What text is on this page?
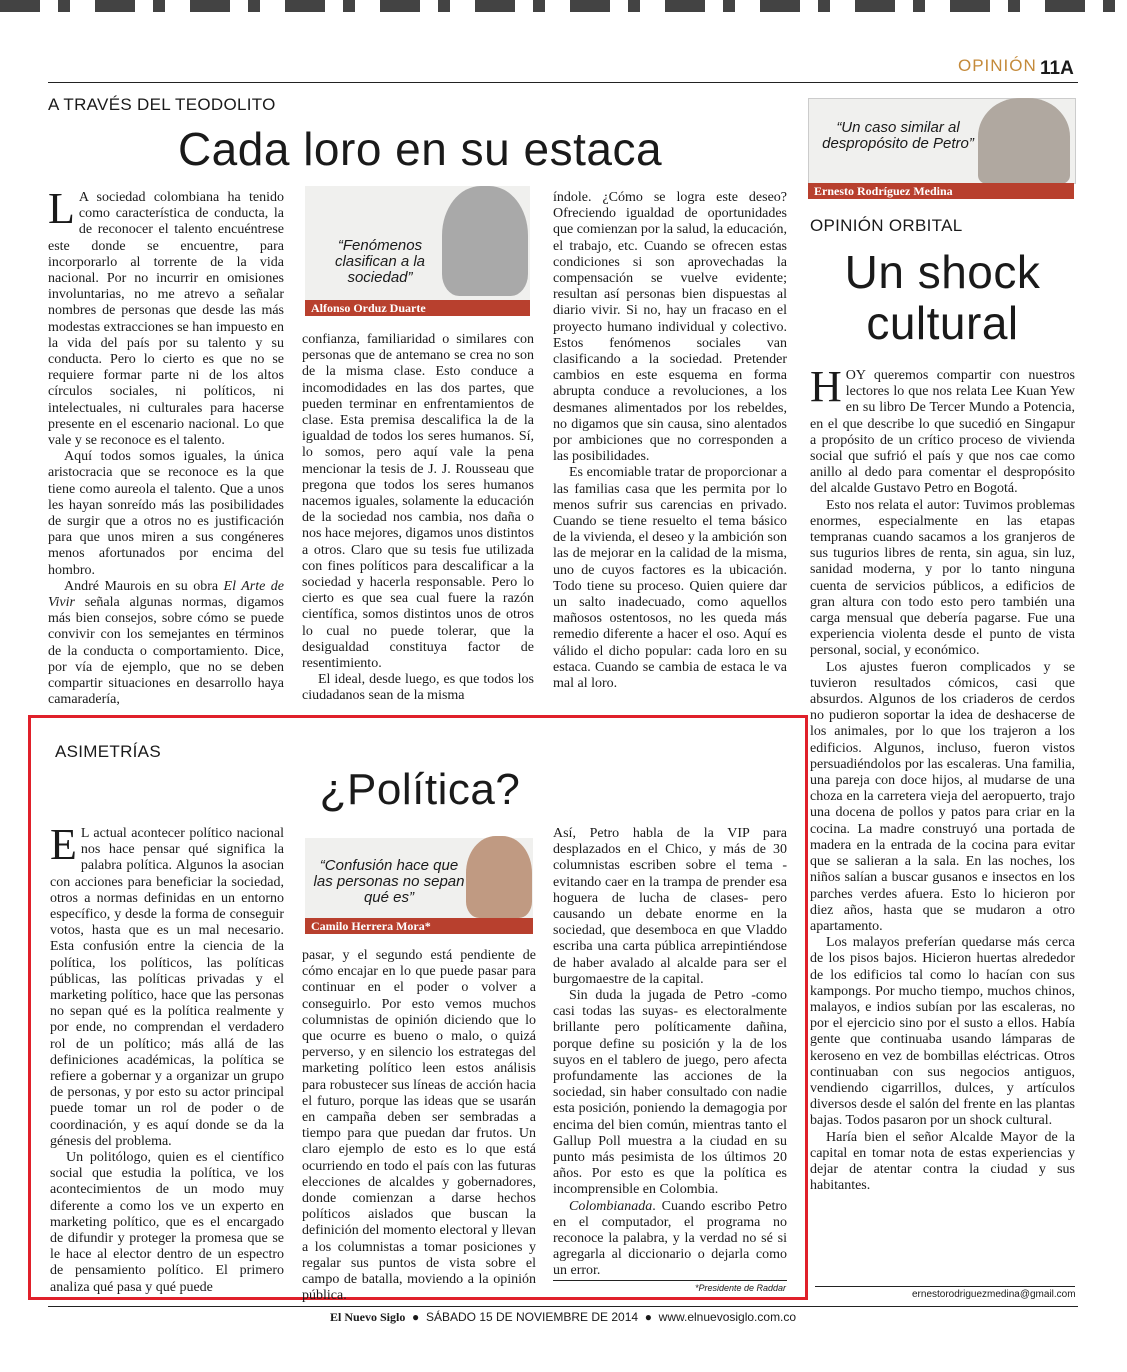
OPINIÓN 11A
A TRAVÉS DEL TEODOLITO
Cada loro en su estaca

L A sociedad colombiana ha tenido como característica de conducta, la de reconocer el talento encuéntrese este donde se encuentre, para incorporarlo al torrente de la vida nacional. Por no incurrir en omisiones involuntarias, no me atrevo a señalar nombres de personas que desde las más modestas extracciones se han impuesto en la vida del país por su talento y su conducta. Pero lo cierto es que no se requiere formar parte ni de los altos círculos sociales, ni políticos, ni intelectuales, ni culturales para hacerse presente en el escenario nacional. Lo que vale y se reconoce es el talento.

Aquí todos somos iguales, la única aristocracia que se reconoce es la que tiene como aureola el talento. Que a unos les hayan sonreído más las posibilidades de surgir que a otros no es justificación para que unos miren a sus congéneres menos afortunados por encima del hombro.

André Maurois en su obra El Arte de Vivir señala algunas normas, digamos más bien consejos, sobre cómo se puede convivir con los semejantes en términos de la conducta o comportamiento. Dice, por vía de ejemplo, que no se deben compartir situaciones en desarrollo haya camaradería,

“Fenómenos clasifican a la sociedad”
Alfonso Orduz Duarte

confianza, familiaridad o similares con personas que de antemano se crea no son de la misma clase. Esto conduce a incomodidades en las dos partes, que pueden terminar en enfrentamientos de clase. Esta premisa descalifica la de la igualdad de todos los seres humanos. Sí, lo somos, pero aquí vale la pena mencionar la tesis de J. J. Rousseau que pregona que todos los seres humanos nacemos iguales, solamente la educación de la sociedad nos cambia, nos daña o nos hace mejores, digamos unos distintos a otros. Claro que su tesis fue utilizada con fines políticos para descalificar a la sociedad y hacerla responsable. Pero lo cierto es que sea cual fuere la razón científica, somos distintos unos de otros lo cual no puede tolerar, que la desigualdad constituya factor de resentimiento.

El ideal, desde luego, es que todos los ciudadanos sean de la misma

índole. ¿Cómo se logra este deseo? Ofreciendo igualdad de oportunidades que comienzan por la salud, la educación, el trabajo, etc. Cuando se ofrecen estas condiciones si son aprovechadas la compensación se vuelve evidente; resultan así personas bien dispuestas al diario vivir. Si no, hay un fracaso en el proyecto humano individual y colectivo. Estos fenómenos sociales van clasificando a la sociedad. Pretender cambios en este esquema en forma abrupta conduce a revoluciones, a los desmanes alimentados por los rebeldes, no digamos que sin causa, sino alentados por ambiciones que no corresponden a las posibilidades.

Es encomiable tratar de proporcionar a las familias casa que les permita por lo menos sufrir sus carencias en privado. Cuando se tiene resuelto el tema básico de la vivienda, el deseo y la ambición son las de mejorar en la calidad de la misma, uno de cuyos factores es la ubicación. Todo tiene su proceso. Quien quiere dar un salto inadecuado, como aquellos mañosos ostentosos, no les queda más remedio diferente a hacer el oso. Aquí es válido el dicho popular: cada loro en su estaca. Cuando se cambia de estaca le va mal al loro.

“Un caso similar al despropósito de Petro”
Ernesto Rodríguez Medina
OPINIÓN ORBITAL
Un shock
cultural

HOY queremos compartir con nuestros lectores lo que nos relata Lee Kuan Yew en su libro De Tercer Mundo a Potencia, en el que describe lo que sucedió en Singapur a propósito de un crítico proceso de vivienda social que sufrió el país y que nos cae como anillo al dedo para comentar el despropósito del alcalde Gustavo Petro en Bogotá.

Esto nos relata el autor: Tuvimos problemas enormes, especialmente en las etapas tempranas cuando sacamos a los granjeros de sus tugurios libres de renta, sin agua, sin luz, sanidad moderna, y por lo tanto ninguna cuenta de servicios públicos, a edificios de gran altura con todo esto pero también una carga mensual que debería pagarse. Fue una experiencia violenta desde el punto de vista personal, social, y económico.

Los ajustes fueron complicados y se tuvieron resultados cómicos, casi que absurdos. Algunos de los criaderos de cerdos no pudieron soportar la idea de deshacerse de los animales, por lo que los trajeron a los edificios. Algunos, incluso, fueron vistos persuadiéndolos por las escaleras. Una familia, una pareja con doce hijos, al mudarse de una choza en la carretera vieja del aeropuerto, trajo una docena de pollos y patos para criar en la cocina. La madre construyó una portada de madera en la entrada de la cocina para evitar que se salieran a la sala. En las noches, los niños salían a buscar gusanos e insectos en los parches verdes afuera. Esto lo hicieron por diez años, hasta que se mudaron a otro apartamento.

Los malayos preferían quedarse más cerca de los pisos bajos. Hicieron huertas alrededor de los edificios tal como lo hacían con sus kampongs. Por mucho tiempo, muchos chinos, malayos, e indios subían por las escaleras, no por el ejercicio sino por el susto a ellos. Había gente que continuaba usando lámparas de keroseno en vez de bombillas eléctricas. Otros continuaban con sus negocios antiguos, vendiendo cigarrillos, dulces, y artículos diversos desde el salón del frente en las plantas bajas. Todos pasaron por un shock cultural.

Haría bien el señor Alcalde Mayor de la capital en tomar nota de estas experiencias y dejar de atentar contra la ciudad y sus habitantes.

ernestorodriguezmedina@gmail.com
ASIMETRÍAS
¿Política?

E L actual acontecer político nacional nos hace pensar qué significa la palabra política. Algunos la asocian con acciones para beneficiar la sociedad, otros a normas definidas en un entorno específico, y desde la forma de conseguir votos, hasta que es un mal necesario. Esta confusión entre la ciencia de la política, los políticos, las políticas públicas, las políticas privadas y el marketing político, hace que las personas no sepan qué es la política realmente y por ende, no comprendan el verdadero rol de un político; más allá de las definiciones académicas, la política se refiere a gobernar y a organizar un grupo de personas, y por esto su actor principal puede tomar un rol de poder o de coordinación, y es aquí donde se da la génesis del problema.

Un politólogo, quien es el científico social que estudia la política, ve los acontecimientos de un modo muy diferente a como los ve un experto en marketing político, que es el encargado de difundir y proteger la promesa que se le hace al elector dentro de un espectro de pensamiento político. El primero analiza qué pasa y qué puede

“Confusión hace que las personas no sepan qué es”
Camilo Herrera Mora*

pasar, y el segundo está pendiente de cómo encajar en lo que puede pasar para continuar en el poder o volver a conseguirlo. Por esto vemos muchos columnistas de opinión diciendo que lo que ocurre es bueno o malo, o quizá perverso, y en silencio los estrategas del marketing político leen estos análisis para robustecer sus líneas de acción hacia el futuro, porque las ideas que se usarán en campaña deben ser sembradas a tiempo para que puedan dar frutos. Un claro ejemplo de esto es lo que está ocurriendo en todo el país con las futuras elecciones de alcaldes y gobernadores, donde comienzan a darse hechos políticos aislados que buscan la definición del momento electoral y llevan a los columnistas a tomar posiciones y regalar sus puntos de vista sobre el campo de batalla, moviendo a la opinión pública.

Así, Petro habla de la VIP para desplazados en el Chico, y más de 30 columnistas escriben sobre el tema -evitando caer en la trampa de prender esa hoguera de lucha de clases- pero causando un debate enorme en la sociedad, que desemboca en que Vladdo escriba una carta pública arrepintiéndose de haber avalado al alcalde para ser el burgomaestre de la capital.

Sin duda la jugada de Petro -como casi todas las suyas- es electoralmente brillante pero políticamente dañina, porque define su posición y la de los suyos en el tablero de juego, pero afecta profundamente las acciones de la sociedad, sin haber consultado con nadie esta posición, poniendo la demagogia por encima del bien común, mientras tanto el Gallup Poll muestra a la ciudad en su punto más pesimista de los últimos 20 años. Por esto es que la política es incomprensible en Colombia.

Colombianada. Cuando escribo Petro en el computador, el programa no reconoce la palabra, y la verdad no sé si agregarla al diccionario o dejarla como un error.

*Presidente de Raddar
El Nuevo Siglo  ●  SÁBADO 15 DE NOVIEMBRE DE 2014  ●  www.elnuevosiglo.com.co
